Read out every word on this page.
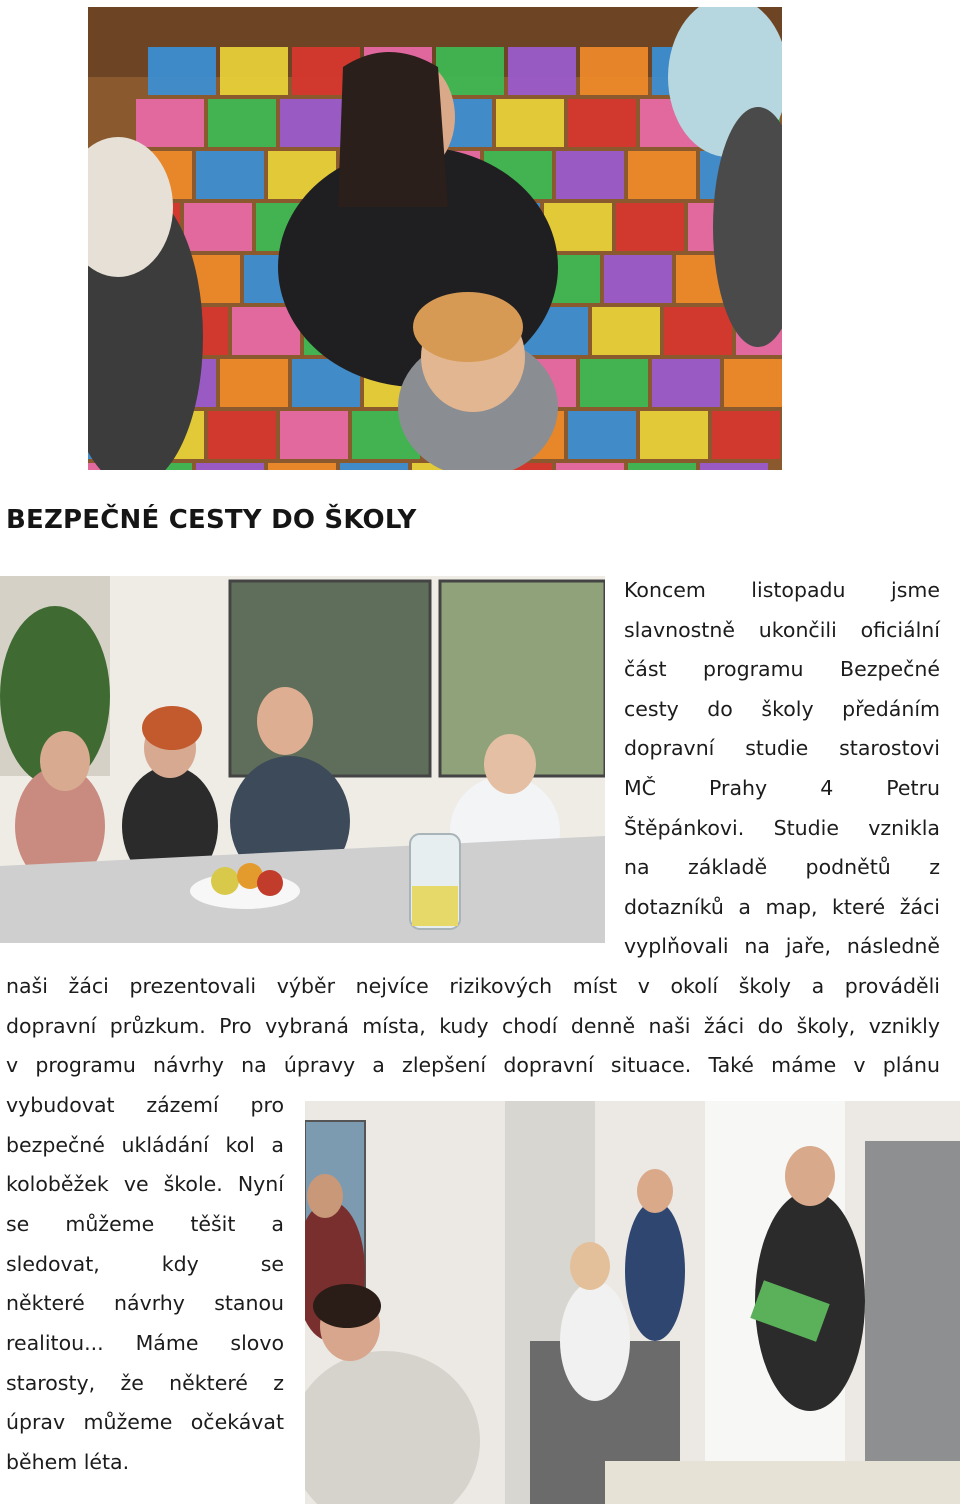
BEZPEČNÉ CESTY DO ŠKOLY
Koncem listopadu jsme
slavnostně ukončili oficiální
část programu Bezpečné
cesty do školy předáním
dopravní studie starostovi
MČ Prahy 4 Petru
Štěpánkovi. Studie vznikla
na základě podnětů z
dotazníků a map, které žáci
vyplňovali na jaře, následně
naši žáci prezentovali výběr nejvíce rizikových míst v okolí školy a prováděli
dopravní průzkum. Pro vybraná místa, kudy chodí denně naši žáci do školy, vznikly
v programu návrhy na úpravy a zlepšení dopravní situace. Také máme v plánu
vybudovat zázemí pro
bezpečné ukládání kol a
koloběžek ve škole. Nyní
se můžeme těšit a
sledovat, kdy se
některé návrhy stanou
realitou... Máme slovo
starosty, že některé z
úprav můžeme očekávat
během léta.
